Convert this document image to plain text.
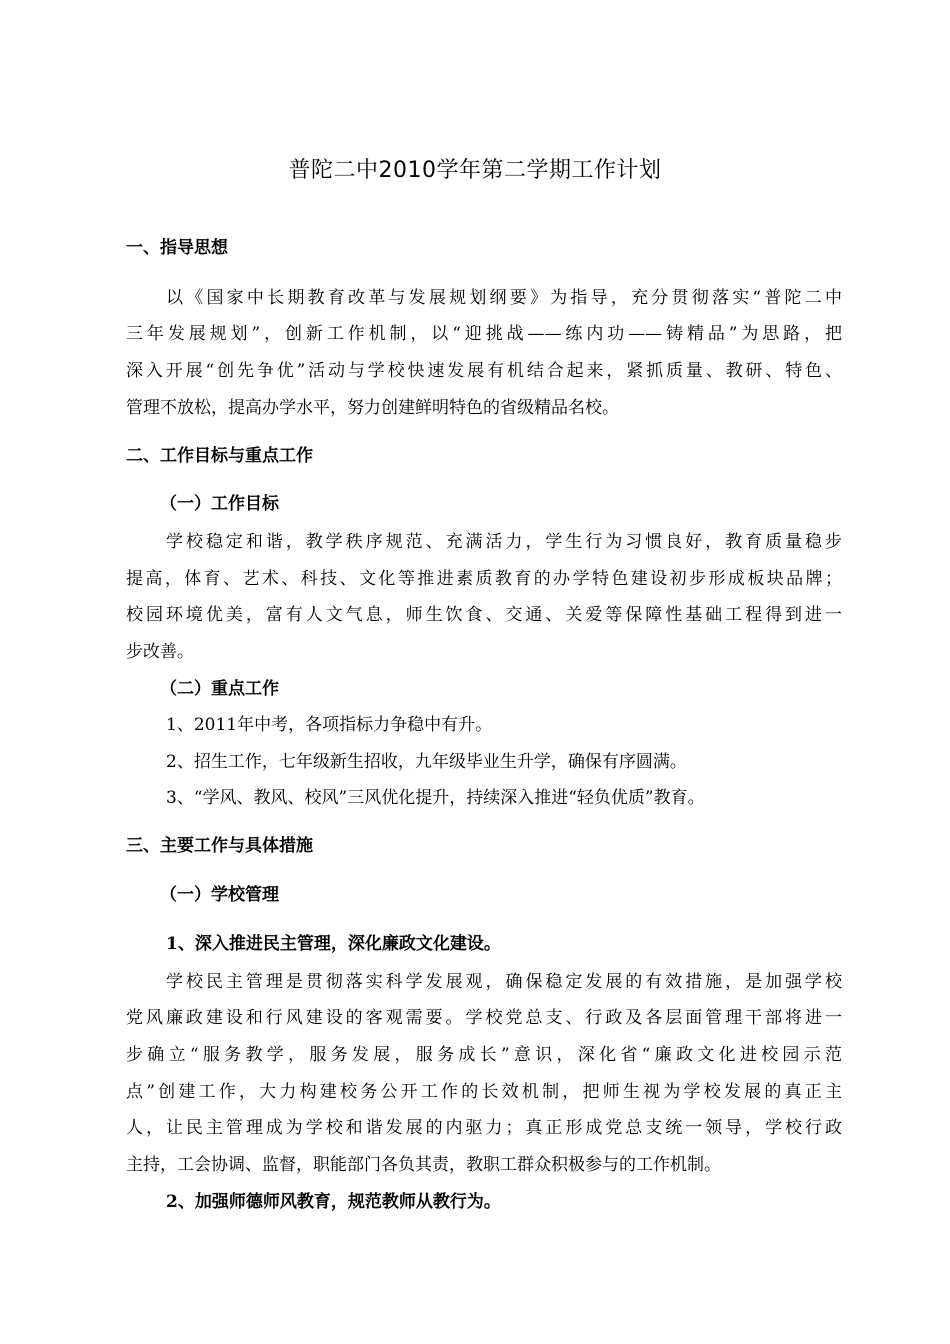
普陀二中2010学年第二学期工作计划
一、指导思想
以《国家中长期教育改革与发展规划纲要》为指导，充分贯彻落实“普陀二中
三年发展规划”，创新工作机制，以“迎挑战——练内功——铸精品”为思路，把
深入开展“创先争优”活动与学校快速发展有机结合起来，紧抓质量、教研、特色、
管理不放松，提高办学水平，努力创建鲜明特色的省级精品名校。
二、工作目标与重点工作
（一）工作目标
学校稳定和谐，教学秩序规范、充满活力，学生行为习惯良好，教育质量稳步
提高，体育、艺术、科技、文化等推进素质教育的办学特色建设初步形成板块品牌；
校园环境优美，富有人文气息，师生饮食、交通、关爱等保障性基础工程得到进一
步改善。
（二）重点工作
1、2011年中考，各项指标力争稳中有升。
2、招生工作，七年级新生招收，九年级毕业生升学，确保有序圆满。
3、“学风、教风、校风”三风优化提升，持续深入推进“轻负优质”教育。
三、主要工作与具体措施
（一）学校管理
1、深入推进民主管理，深化廉政文化建设。
学校民主管理是贯彻落实科学发展观，确保稳定发展的有效措施，是加强学校
党风廉政建设和行风建设的客观需要。学校党总支、行政及各层面管理干部将进一
步确立“服务教学，服务发展，服务成长”意识，深化省“廉政文化进校园示范
点”创建工作，大力构建校务公开工作的长效机制，把师生视为学校发展的真正主
人，让民主管理成为学校和谐发展的内驱力；真正形成党总支统一领导，学校行政
主持，工会协调、监督，职能部门各负其责，教职工群众积极参与的工作机制。
2、加强师德师风教育，规范教师从教行为。
